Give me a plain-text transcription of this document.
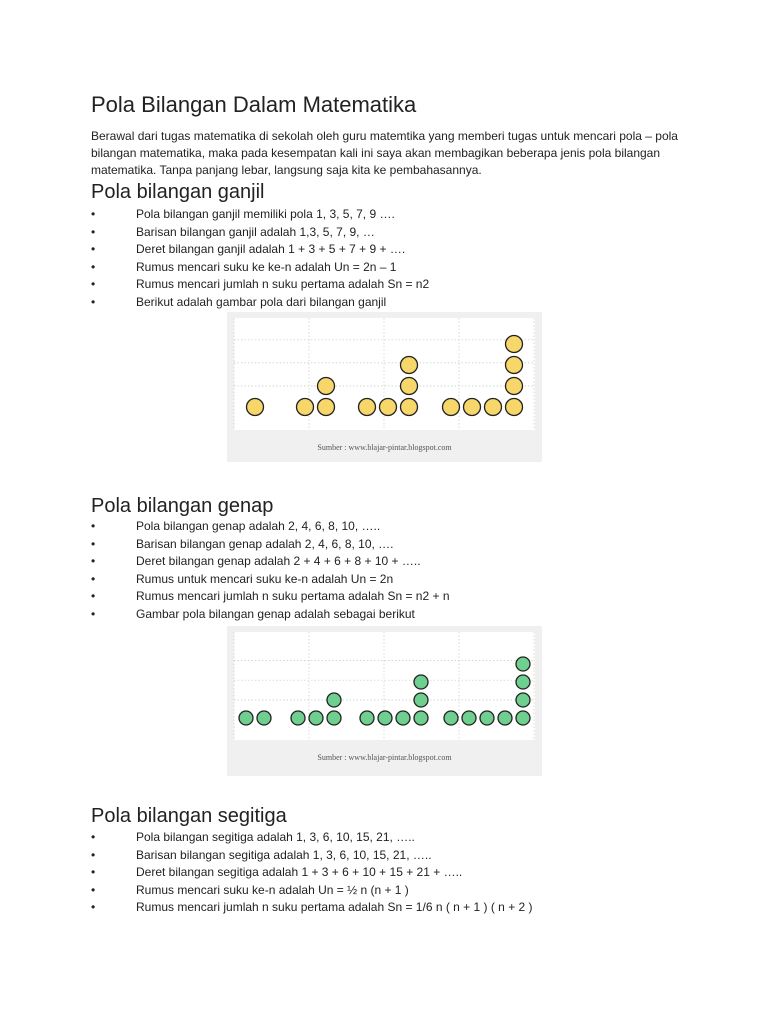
Pola Bilangan Dalam Matematika

Berawal dari tugas matematika di sekolah oleh guru matemtika yang memberi tugas untuk mencari pola – pola bilangan matematika, maka pada kesempatan kali ini saya akan membagikan beberapa jenis pola bilangan matematika. Tanpa panjang lebar, langsung saja kita ke pembahasannya.

Pola bilangan ganjil
• Pola bilangan ganjil memiliki pola 1, 3, 5, 7, 9 ….
• Barisan bilangan ganjil adalah 1,3, 5, 7, 9, …
• Deret bilangan ganjil adalah 1 + 3 + 5 + 7 + 9 + ….
• Rumus mencari suku ke ke-n adalah Un = 2n – 1
• Rumus mencari jumlah n suku pertama adalah Sn = n2
• Berikut adalah gambar pola dari bilangan ganjil
Sumber : www.blajar-pintar.blogspot.com
Pola bilangan genap
• Pola bilangan genap adalah 2, 4, 6, 8, 10, …..
• Barisan bilangan genap adalah 2, 4, 6, 8, 10, ….
• Deret bilangan genap adalah 2 + 4 + 6 + 8 + 10 + …..
• Rumus untuk mencari suku ke-n adalah Un = 2n
• Rumus mencari jumlah n suku pertama adalah Sn = n2 + n
• Gambar pola bilangan genap adalah sebagai berikut
Sumber : www.blajar-pintar.blogspot.com
Pola bilangan segitiga
• Pola bilangan segitiga adalah 1, 3, 6, 10, 15, 21, …..
• Barisan bilangan segitiga adalah 1, 3, 6, 10, 15, 21, …..
• Deret bilangan segitiga adalah 1 + 3 + 6 + 10 + 15 + 21 + …..
• Rumus mencari suku ke-n adalah Un = ½ n (n + 1 )
• Rumus mencari jumlah n suku pertama adalah Sn = 1/6 n ( n + 1 ) ( n + 2 )
